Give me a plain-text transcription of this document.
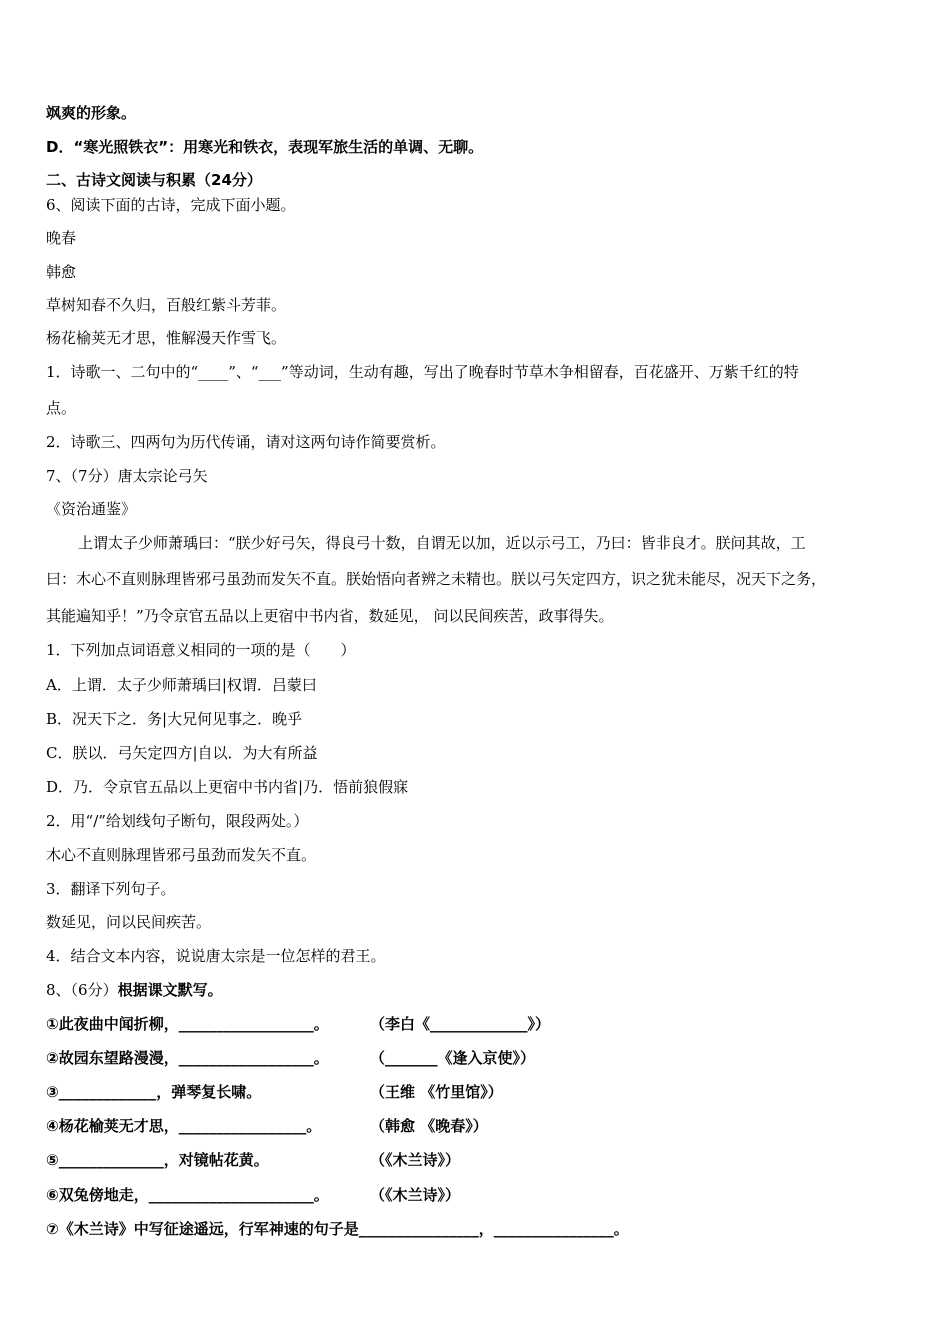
飒爽的形象。
D．“寒光照铁衣”：用寒光和铁衣，表现军旅生活的单调、无聊。
二、古诗文阅读与积累（24分）
6、阅读下面的古诗，完成下面小题。
晚春
韩愈
草树知春不久归，百般红紫斗芳菲。
杨花榆荚无才思，惟解漫天作雪飞。
1．诗歌一、二句中的“____”、“___”等动词，生动有趣，写出了晚春时节草木争相留春，百花盛开、万紫千红的特
点。
2．诗歌三、四两句为历代传诵，请对这两句诗作简要赏析。
7、（7分）唐太宗论弓矢
《资治通鉴》
上谓太子少师萧瑀曰：“朕少好弓矢，得良弓十数，自谓无以加，近以示弓工，乃曰：皆非良才。朕问其故，工
曰：木心不直则脉理皆邪弓虽劲而发矢不直。朕始悟向者辨之未精也。朕以弓矢定四方，识之犹未能尽，况天下之务，
其能遍知乎！”乃令京官五品以上更宿中书内省，数延见， 问以民间疾苦，政事得失。
1．下列加点词语意义相同的一项的是（　　）
A．上谓．太子少师萧瑀曰|权谓．吕蒙曰
B．况天下之．务|大兄何见事之．晚乎
C．朕以．弓矢定四方|自以．为大有所益
D．乃．令京官五品以上更宿中书内省|乃．悟前狼假寐
2．用“/”给划线句子断句，限段两处。）
木心不直则脉理皆邪弓虽劲而发矢不直。
3．翻译下列句子。
数延见，问以民间疾苦。
4．结合文本内容，说说唐太宗是一位怎样的君王。
8、（6分）根据课文默写。
①此夜曲中闻折柳，__________________。	（李白《_____________》）
②故园东望路漫漫，__________________。	（_______《逢入京使》）
③_____________，弹琴复长啸。	（王维 《竹里馆》）
④杨花榆荚无才思，_________________。	（韩愈 《晚春》）
⑤______________，对镜帖花黄。	（《木兰诗》）
⑥双兔傍地走，______________________。	（《木兰诗》）
⑦《木兰诗》中写征途遥远，行军神速的句子是________________，________________。
